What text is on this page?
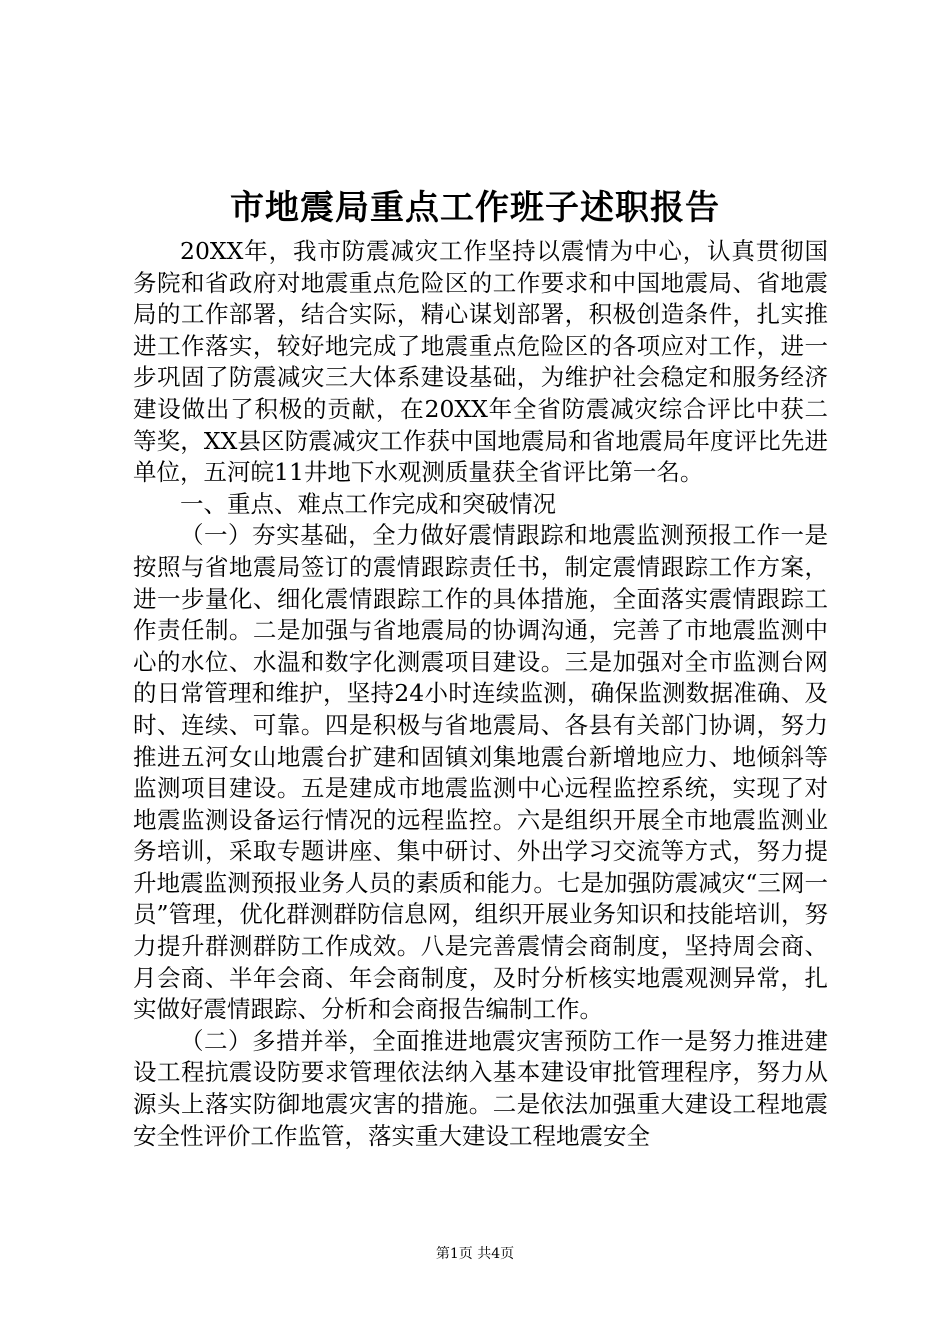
市地震局重点工作班子述职报告

20XX年，我市防震减灾工作坚持以震情为中心，认真贯彻国务院和省政府对地震重点危险区的工作要求和中国地震局、省地震局的工作部署，结合实际，精心谋划部署，积极创造条件，扎实推进工作落实，较好地完成了地震重点危险区的各项应对工作，进一步巩固了防震减灾三大体系建设基础，为维护社会稳定和服务经济建设做出了积极的贡献，在20XX年全省防震减灾综合评比中获二等奖，XX县区防震减灾工作获中国地震局和省地震局年度评比先进单位，五河皖11井地下水观测质量获全省评比第一名。

一、重点、难点工作完成和突破情况

（一）夯实基础，全力做好震情跟踪和地震监测预报工作一是按照与省地震局签订的震情跟踪责任书，制定震情跟踪工作方案，进一步量化、细化震情跟踪工作的具体措施，全面落实震情跟踪工作责任制。二是加强与省地震局的协调沟通，完善了市地震监测中心的水位、水温和数字化测震项目建设。三是加强对全市监测台网的日常管理和维护，坚持24小时连续监测，确保监测数据准确、及时、连续、可靠。四是积极与省地震局、各县有关部门协调，努力推进五河女山地震台扩建和固镇刘集地震台新增地应力、地倾斜等监测项目建设。五是建成市地震监测中心远程监控系统，实现了对地震监测设备运行情况的远程监控。六是组织开展全市地震监测业务培训，采取专题讲座、集中研讨、外出学习交流等方式，努力提升地震监测预报业务人员的素质和能力。七是加强防震减灾“三网一员”管理，优化群测群防信息网，组织开展业务知识和技能培训，努力提升群测群防工作成效。八是完善震情会商制度，坚持周会商、月会商、半年会商、年会商制度，及时分析核实地震观测异常，扎实做好震情跟踪、分析和会商报告编制工作。

（二）多措并举，全面推进地震灾害预防工作一是努力推进建设工程抗震设防要求管理依法纳入基本建设审批管理程序，努力从源头上落实防御地震灾害的措施。二是依法加强重大建设工程地震安全性评价工作监管，落实重大建设工程地震安全

第1页 共4页
